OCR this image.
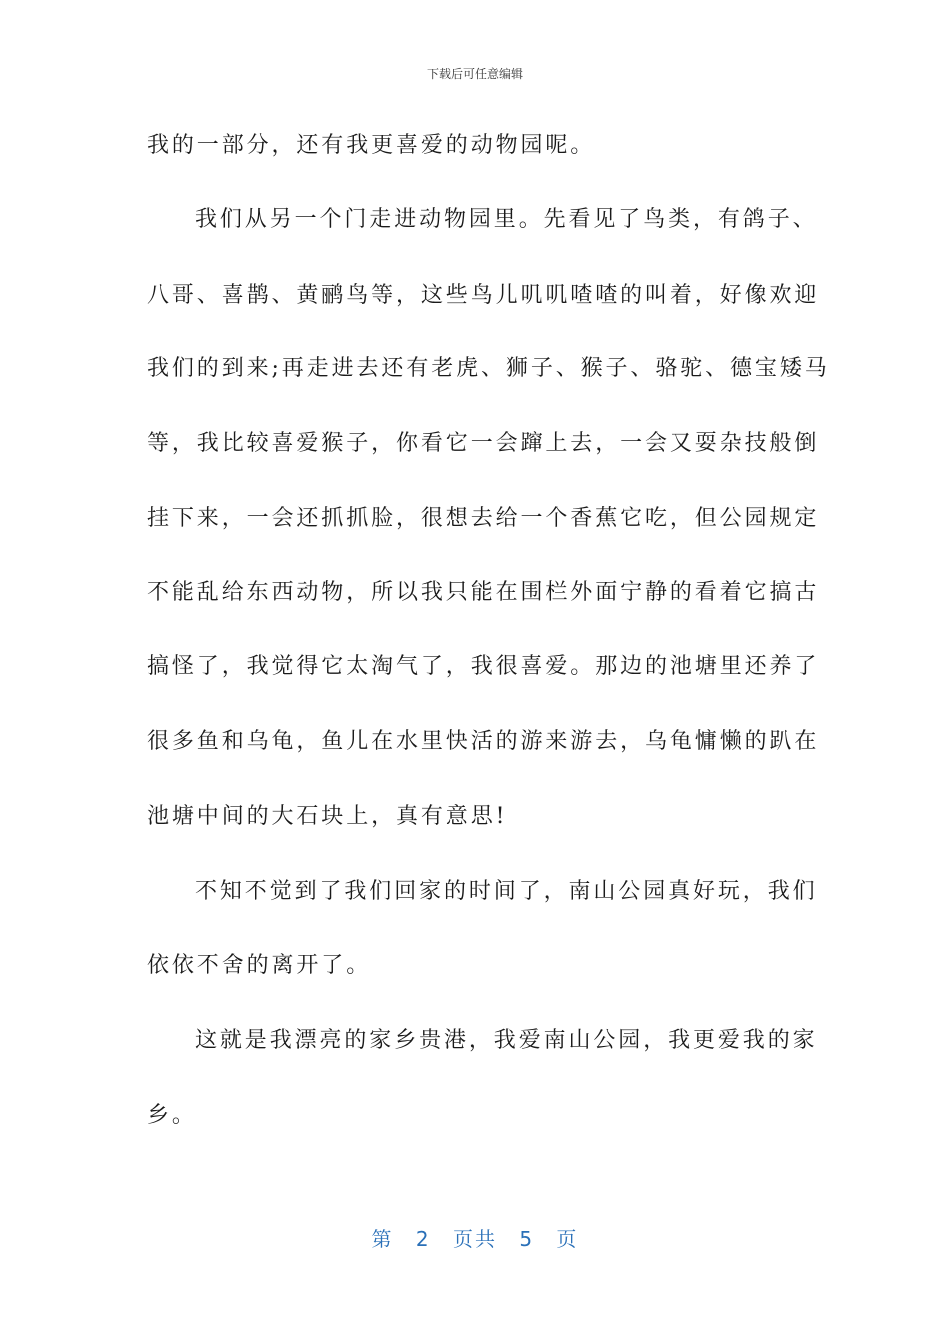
下载后可任意编辑
我的一部分，还有我更喜爱的动物园呢。
我们从另一个门走进动物园里。先看见了鸟类，有鸽子、
八哥、喜鹊、黄鹂鸟等，这些鸟儿叽叽喳喳的叫着，好像欢迎
我们的到来;再走进去还有老虎、狮子、猴子、骆驼、德宝矮马
等，我比较喜爱猴子，你看它一会蹿上去，一会又耍杂技般倒
挂下来，一会还抓抓脸，很想去给一个香蕉它吃，但公园规定
不能乱给东西动物，所以我只能在围栏外面宁静的看着它搞古
搞怪了，我觉得它太淘气了，我很喜爱。那边的池塘里还养了
很多鱼和乌龟，鱼儿在水里快活的游来游去，乌龟慵懒的趴在
池塘中间的大石块上，真有意思!
不知不觉到了我们回家的时间了，南山公园真好玩，我们
依依不舍的离开了。
这就是我漂亮的家乡贵港，我爱南山公园，我更爱我的家
乡。
第 2 页共 5 页
